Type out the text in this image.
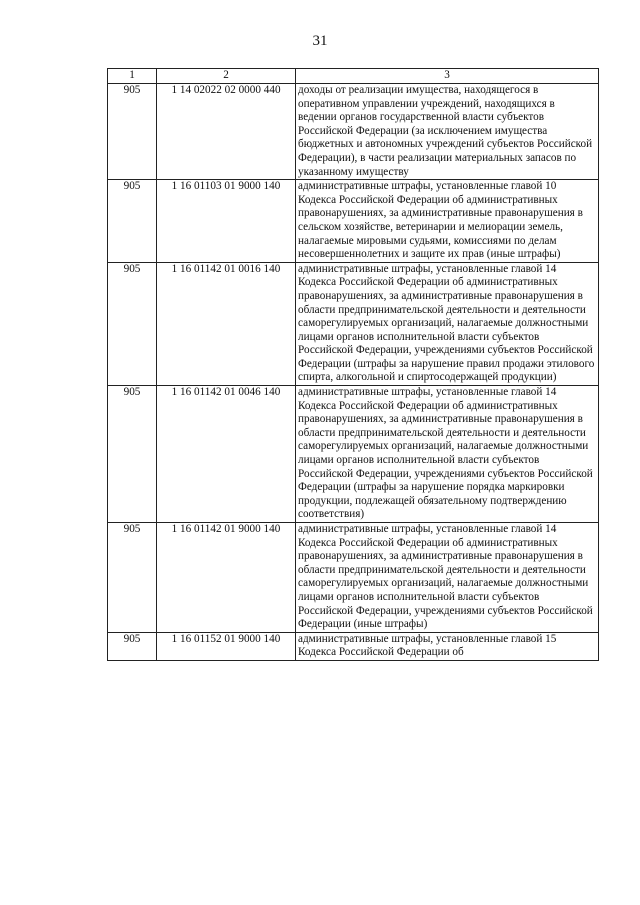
31
1	2	3
905	1 14 02022 02 0000 440	доходы от реализации имущества, находящегося в оперативном управлении учреждений, находящихся в ведении органов государственной власти субъектов Российской Федерации (за исключением имущества бюджетных и автономных учреждений субъектов Российской Федерации), в части реализации материальных запасов по указанному имуществу
905	1 16 01103 01 9000 140	административные штрафы, установленные главой 10 Кодекса Российской Федерации об административных правонарушениях, за административные правонарушения в сельском хозяйстве, ветеринарии и мелиорации земель, налагаемые мировыми судьями, комиссиями по делам несовершеннолетних и защите их прав (иные штрафы)
905	1 16 01142 01 0016 140	административные штрафы, установленные главой 14 Кодекса Российской Федерации об административных правонарушениях, за административные правонарушения в области предпринимательской деятельности и деятельности саморегулируемых организаций, налагаемые должностными лицами органов исполнительной власти субъектов Российской Федерации, учреждениями субъектов Российской Федерации (штрафы за нарушение правил продажи этилового спирта, алкогольной и спиртосодержащей продукции)
905	1 16 01142 01 0046 140	административные штрафы, установленные главой 14 Кодекса Российской Федерации об административных правонарушениях, за административные правонарушения в области предпринимательской деятельности и деятельности саморегулируемых организаций, налагаемые должностными лицами органов исполнительной власти субъектов Российской Федерации, учреждениями субъектов Российской Федерации (штрафы за нарушение порядка маркировки продукции, подлежащей обязательному подтверждению соответствия)
905	1 16 01142 01 9000 140	административные штрафы, установленные главой 14 Кодекса Российской Федерации об административных правонарушениях, за административные правонарушения в области предпринимательской деятельности и деятельности саморегулируемых организаций, налагаемые должностными лицами органов исполнительной власти субъектов Российской Федерации, учреждениями субъектов Российской Федерации (иные штрафы)
905	1 16 01152 01 9000 140	административные штрафы, установленные главой 15 Кодекса Российской Федерации об
